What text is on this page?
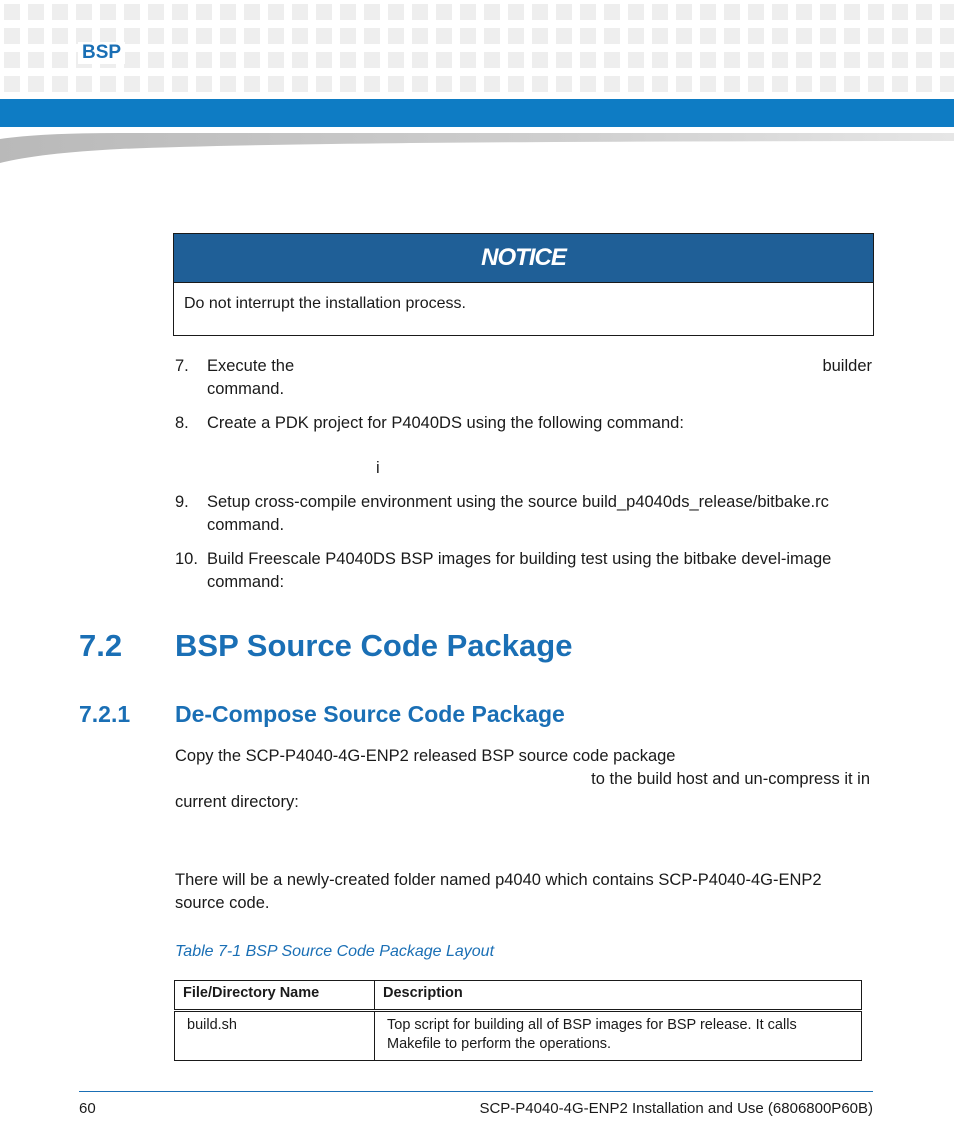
BSP
NOTICE
Do not interrupt the installation process.
7. Execute the	builder
command.
8. Create a PDK project for P4040DS using the following command:
i
9. Setup cross-compile environment using the source build_p4040ds_release/bitbake.rc command.
10. Build Freescale P4040DS BSP images for building test using the bitbake devel-image command:
7.2 BSP Source Code Package
7.2.1 De-Compose Source Code Package
Copy the SCP-P4040-4G-ENP2 released BSP source code package
to the build host and un-compress it in
current directory:
There will be a newly-created folder named p4040 which contains SCP-P4040-4G-ENP2 source code.
Table 7-1 BSP Source Code Package Layout
File/Directory Name	Description
build.sh	Top script for building all of BSP images for BSP release. It calls Makefile to perform the operations.
60	SCP-P4040-4G-ENP2 Installation and Use (6806800P60B)
